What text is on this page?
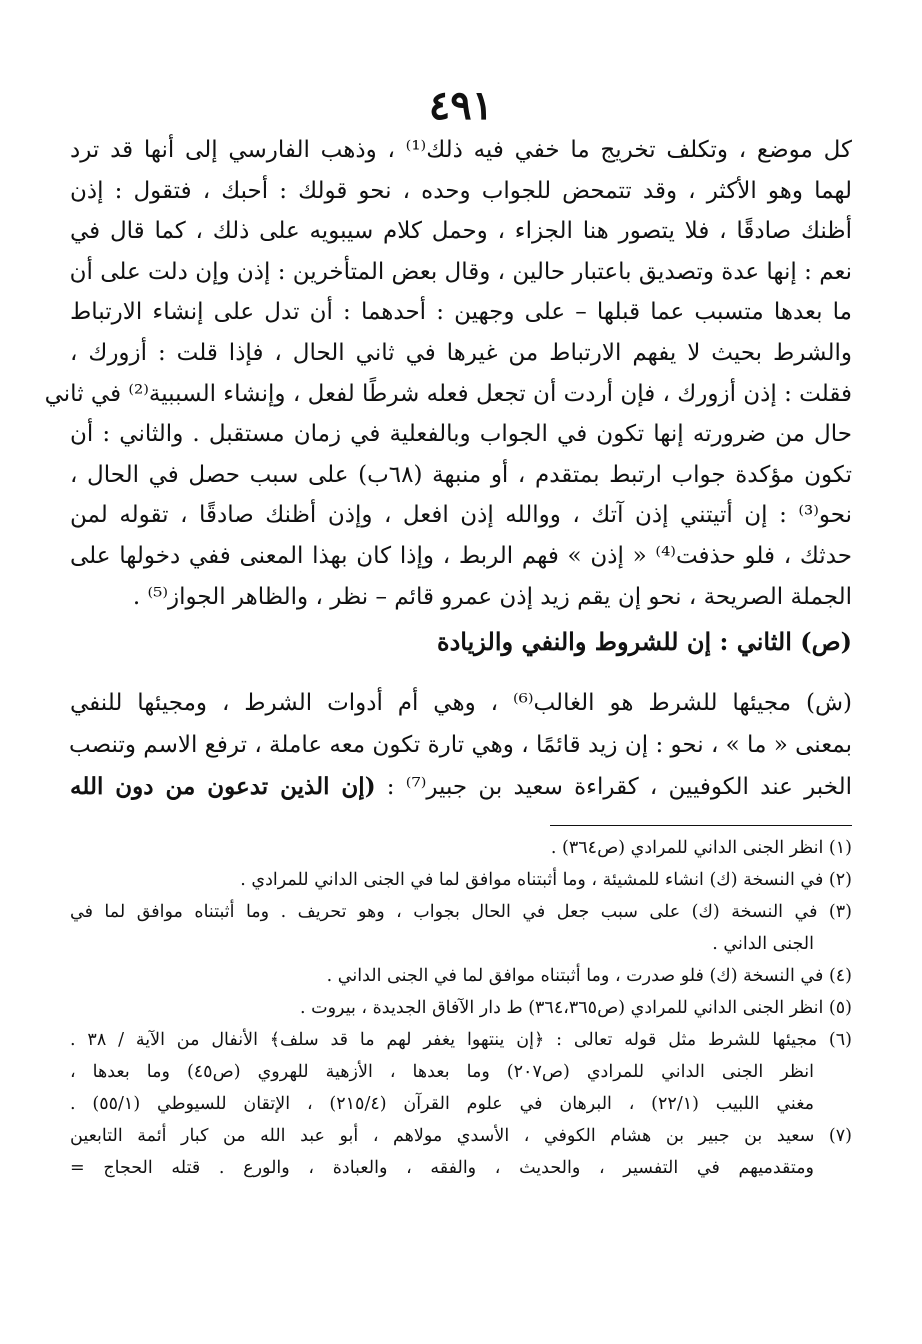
٤٩١
كل موضع ، وتكلف تخريج ما خفي فيه ذلك⁽¹⁾ ، وذهب الفارسي إلى أنها قد ترد
لهما وهو الأكثر ، وقد تتمحض للجواب وحده ، نحو قولك : أحبك ، فتقول : إذن
أظنك صادقًا ، فلا يتصور هنا الجزاء ، وحمل كلام سيبويه على ذلك ، كما قال في
نعم : إنها عدة وتصديق باعتبار حالين ، وقال بعض المتأخرين : إذن وإن دلت على أن
ما بعدها متسبب عما قبلها – على وجهين : أحدهما : أن تدل على إنشاء الارتباط
والشرط بحيث لا يفهم الارتباط من غيرها في ثاني الحال ، فإذا قلت : أزورك ،
فقلت : إذن أزورك ، فإن أردت أن تجعل فعله شرطًا لفعل ، وإنشاء السببية⁽²⁾ في ثاني
حال من ضرورته إنها تكون في الجواب وبالفعلية في زمان مستقبل . والثاني : أن
تكون مؤكدة جواب ارتبط بمتقدم ، أو منبهة (٦٨ب) على سبب حصل في الحال ،
نحو⁽³⁾ : إن أتيتني إذن آتك ، ووالله إذن افعل ، وإذن أظنك صادقًا ، تقوله لمن
حدثك ، فلو حذفت⁽⁴⁾ « إذن » فهم الربط ، وإذا كان بهذا المعنى ففي دخولها على
الجملة الصريحة ، نحو إن يقم زيد إذن عمرو قائم – نظر ، والظاهر الجواز⁽⁵⁾ .
(ص) الثاني : إن للشروط والنفي والزيادة
(ش) مجيئها للشرط هو الغالب⁽⁶⁾ ، وهي أم أدوات الشرط ، ومجيئها للنفي
بمعنى « ما » ، نحو : إن زيد قائمًا ، وهي تارة تكون معه عاملة ، ترفع الاسم وتنصب
الخبر عند الكوفيين ، كقراءة سعيد بن جبير⁽⁷⁾ : (إن الذين تدعون من دون الله
(١) انظر الجنى الداني للمرادي (ص٣٦٤) .
(٢) في النسخة (ك) انشاء للمشيئة ، وما أثبتناه موافق لما في الجنى الداني للمرادي .
(٣) في النسخة (ك) على سبب جعل في الحال بجواب ، وهو تحريف . وما أثبتناه موافق لما في
الجنى الداني .
(٤) في النسخة (ك) فلو صدرت ، وما أثبتناه موافق لما في الجنى الداني .
(٥) انظر الجنى الداني للمرادي (ص٣٦٤،٣٦٥) ط دار الآفاق الجديدة ، بيروت .
(٦) مجيئها للشرط مثل قوله تعالى : ﴿إن ينتهوا يغفر لهم ما قد سلف﴾ الأنفال من الآية / ٣٨ .
انظر الجنى الداني للمرادي (ص٢٠٧) وما بعدها ، الأزهية للهروي (ص٤٥) وما بعدها ،
مغني اللبيب (٢٢/١) ، البرهان في علوم القرآن (٢١٥/٤) ، الإتقان للسيوطي (٥٥/١) .
(٧) سعيد بن جبير بن هشام الكوفي ، الأسدي مولاهم ، أبو عبد الله من كبار أئمة التابعين
ومتقدميهم في التفسير ، والحديث ، والفقه ، والعبادة ، والورع . قتله الحجاج =
